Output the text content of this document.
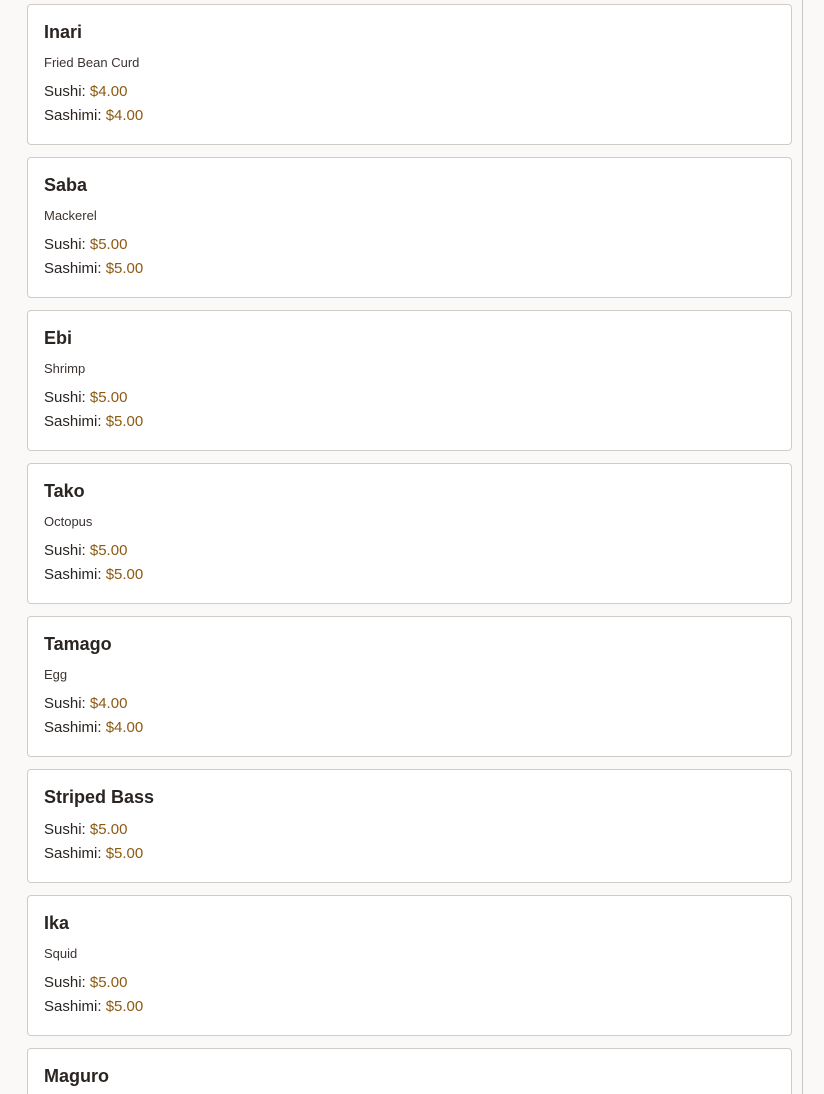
Inari
Fried Bean Curd
Sushi: $4.00
Sashimi: $4.00
Saba
Mackerel
Sushi: $5.00
Sashimi: $5.00
Ebi
Shrimp
Sushi: $5.00
Sashimi: $5.00
Tako
Octopus
Sushi: $5.00
Sashimi: $5.00
Tamago
Egg
Sushi: $4.00
Sashimi: $4.00
Striped Bass
Sushi: $5.00
Sashimi: $5.00
Ika
Squid
Sushi: $5.00
Sashimi: $5.00
Maguro
